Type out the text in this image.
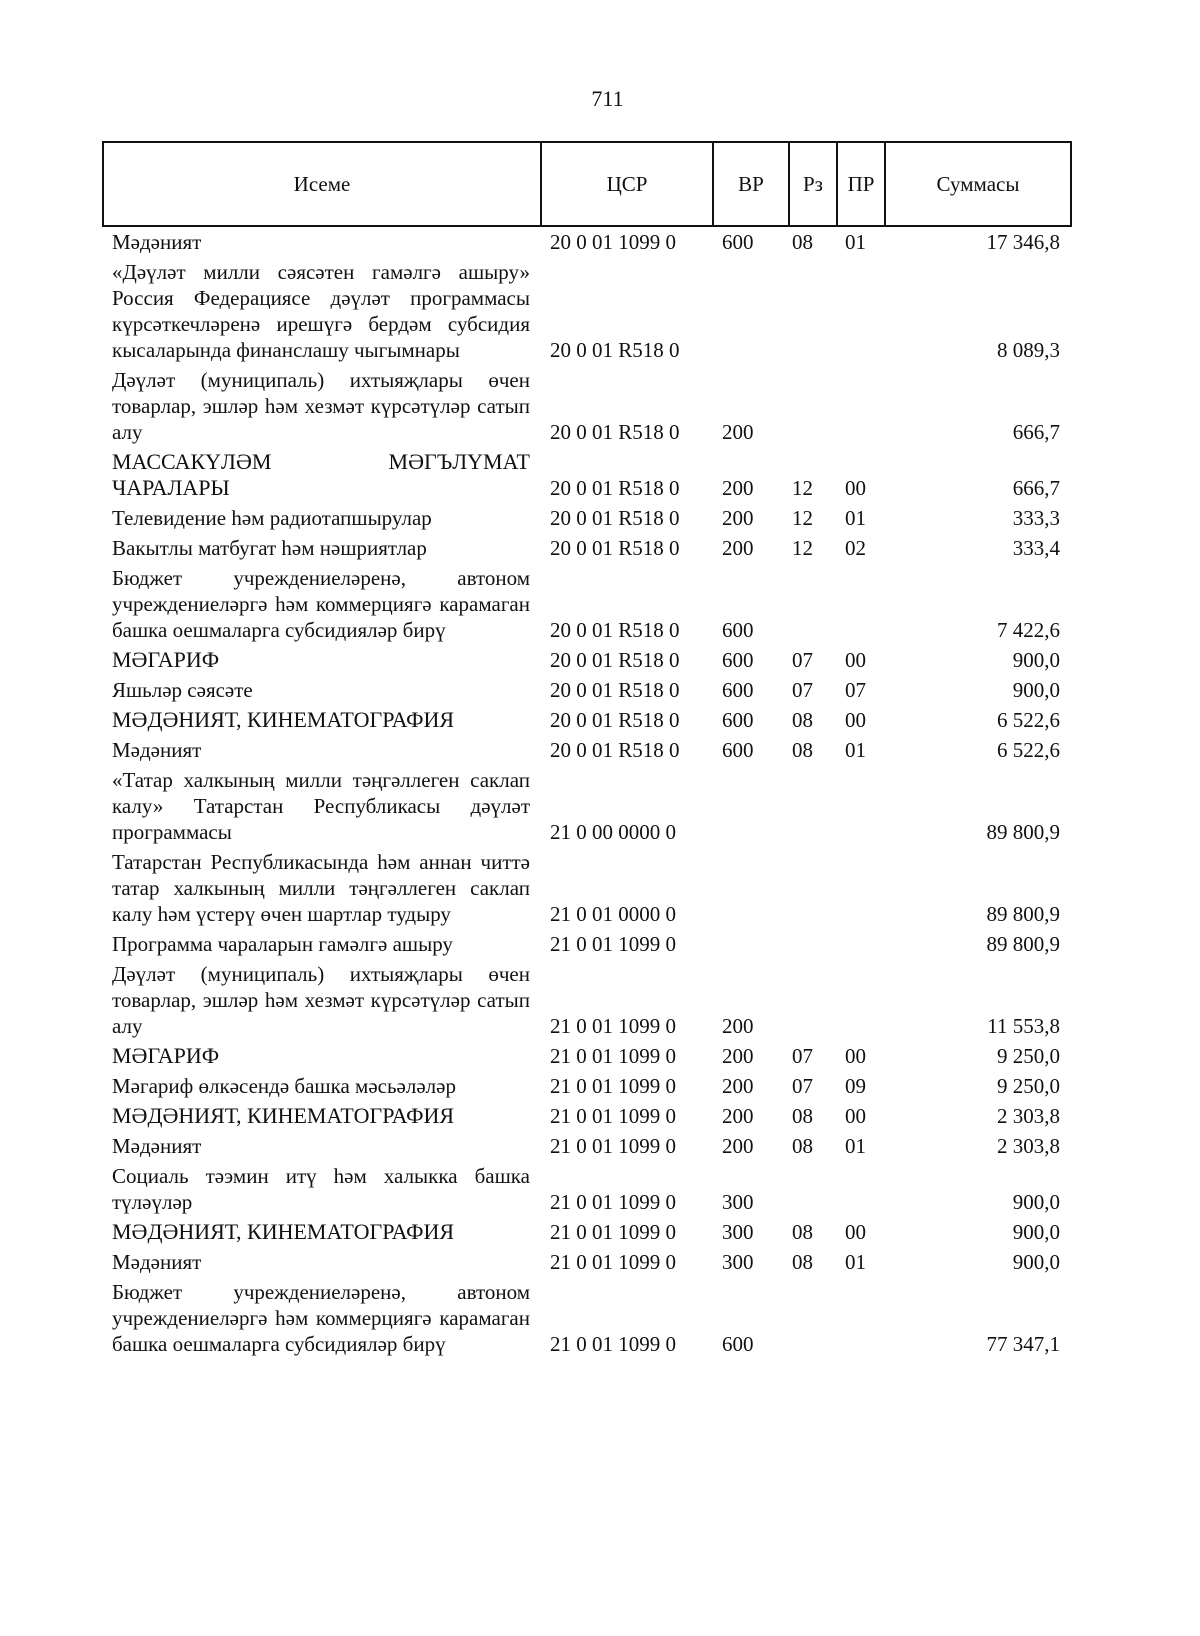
711
Исеме	ЦСР	ВР	Рз	ПР	Суммасы
Мәдәният	20 0 01 1099 0	600	08	01	17 346,8
«Дәүләт милли сәясәтен гамәлгә ашыру» Россия Федерациясе дәүләт программасы күрсәткечләренә ирешүгә бердәм субсидия кысаларында финанслашу чыгымнары	20 0 01 R518 0				8 089,3
Дәүләт (муниципаль) ихтыяҗлары өчен товарлар, эшләр һәм хезмәт күрсәтүләр сатып алу	20 0 01 R518 0	200			666,7
МАССАКҮЛӘМ МӘГЪЛҮМАТ ЧАРАЛАРЫ	20 0 01 R518 0	200	12	00	666,7
Телевидение һәм радиотапшырулар	20 0 01 R518 0	200	12	01	333,3
Вакытлы матбугат һәм нәшриятлар	20 0 01 R518 0	200	12	02	333,4
Бюджет учреждениеләренә, автоном учреждениеләргә һәм коммерциягә карамаган башка оешмаларга субсидияләр бирү	20 0 01 R518 0	600			7 422,6
МӘГАРИФ	20 0 01 R518 0	600	07	00	900,0
Яшьләр сәясәте	20 0 01 R518 0	600	07	07	900,0
МӘДӘНИЯТ, КИНЕМАТОГРАФИЯ	20 0 01 R518 0	600	08	00	6 522,6
Мәдәният	20 0 01 R518 0	600	08	01	6 522,6
«Татар халкының милли тәңгәллеген саклап калу» Татарстан Республикасы дәүләт программасы	21 0 00 0000 0				89 800,9
Татарстан Республикасында һәм аннан читтә татар халкының милли тәңгәллеген саклап калу һәм үстерү өчен шартлар тудыру	21 0 01 0000 0				89 800,9
Программа чараларын гамәлгә ашыру	21 0 01 1099 0				89 800,9
Дәүләт (муниципаль) ихтыяҗлары өчен товарлар, эшләр һәм хезмәт күрсәтүләр сатып алу	21 0 01 1099 0	200			11 553,8
МӘГАРИФ	21 0 01 1099 0	200	07	00	9 250,0
Мәгариф өлкәсендә башка мәсьәләләр	21 0 01 1099 0	200	07	09	9 250,0
МӘДӘНИЯТ, КИНЕМАТОГРАФИЯ	21 0 01 1099 0	200	08	00	2 303,8
Мәдәният	21 0 01 1099 0	200	08	01	2 303,8
Социаль тәэмин итү һәм халыкка башка түләүләр	21 0 01 1099 0	300			900,0
МӘДӘНИЯТ, КИНЕМАТОГРАФИЯ	21 0 01 1099 0	300	08	00	900,0
Мәдәният	21 0 01 1099 0	300	08	01	900,0
Бюджет учреждениеләренә, автоном учреждениеләргә һәм коммерциягә карамаган башка оешмаларга субсидияләр бирү	21 0 01 1099 0	600			77 347,1
